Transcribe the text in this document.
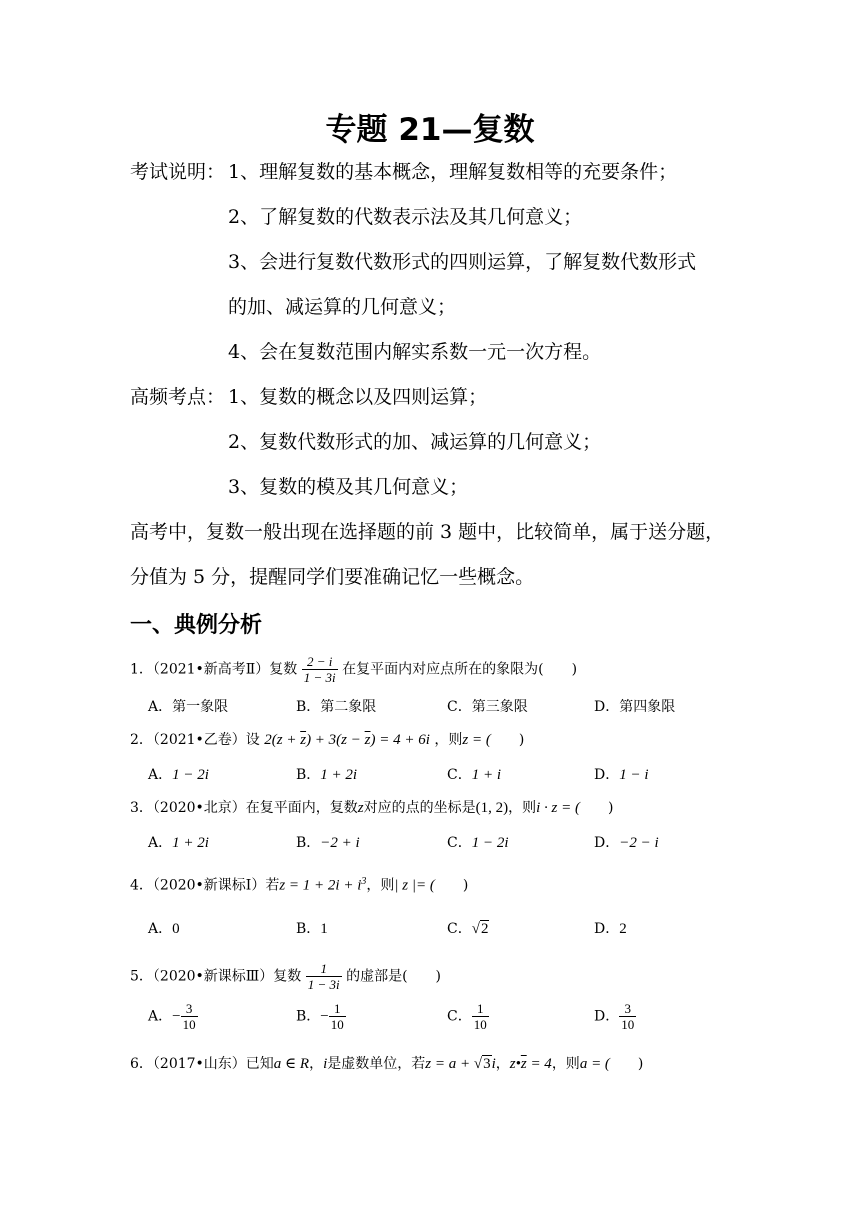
专题 21—复数
考试说明： 1、理解复数的基本概念，理解复数相等的充要条件；
2、了解复数的代数表示法及其几何意义；
3、会进行复数代数形式的四则运算，了解复数代数形式
的加、减运算的几何意义；
4、会在复数范围内解实系数一元一次方程。
高频考点： 1、复数的概念以及四则运算；
2、复数代数形式的加、减运算的几何意义；
3、复数的模及其几何意义；
高考中，复数一般出现在选择题的前 3 题中，比较简单，属于送分题，
分值为 5 分，提醒同学们要准确记忆一些概念。
一、典例分析
1．（2021•新高考Ⅱ）复数 $\frac{2 - i}{1 - 3i}$ 在复平面内对应点所在的象限为(　　)
A．第一象限	B．第二象限	C．第三象限	D．第四象限
2．（2021•乙卷）设 $2(z + \overline{z}) + 3(z - \overline{z}) = 4 + 6i$ ，则z = (　　)
A．1 − 2i	B．1 + 2i	C．1 + i	D．1 − i
3．（2020•北京）在复平面内，复数z对应的点的坐标是(1, 2)，则i · z = (　　)
A．1 + 2i	B．−2 + i	C．1 − 2i	D．−2 − i
4．（2020•新课标Ⅰ）若$z = 1 + 2i + i^3$，则| z |= (　　)
A．0	B．1	C．√2	D．2
5．（2020•新课标Ⅲ）复数 $\frac{1}{1 - 3i}$ 的虚部是(　　)
A．− $\frac{3}{10}$	B．− $\frac{1}{10}$	C． $\frac{1}{10}$	D． $\frac{3}{10}$
6．（2017•山东）已知a ∈ R，i是虚数单位，若z = a + √3i，$z•\overline{z} = 4$，则a = (　　)
